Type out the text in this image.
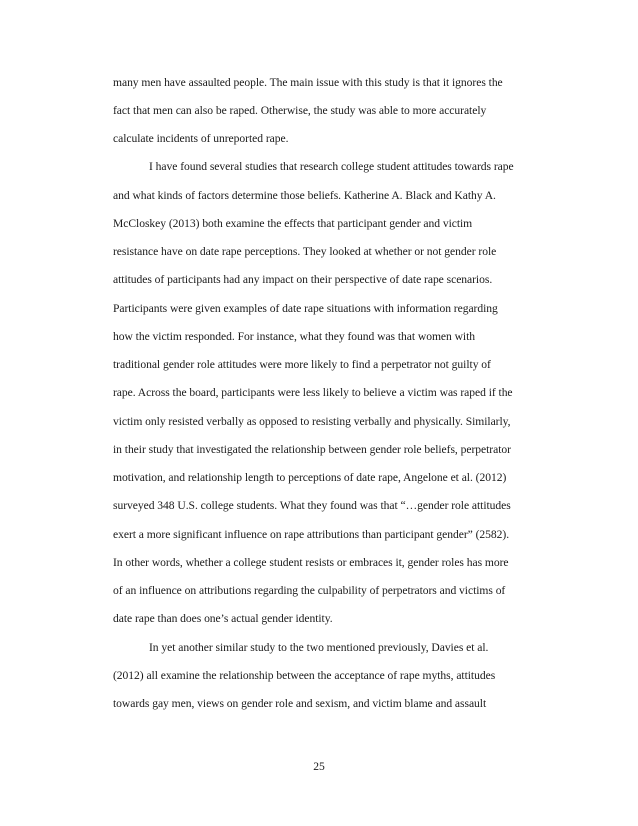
many men have assaulted people. The main issue with this study is that it ignores the
fact that men can also be raped. Otherwise, the study was able to more accurately
calculate incidents of unreported rape.
I have found several studies that research college student attitudes towards rape
and what kinds of factors determine those beliefs. Katherine A. Black and Kathy A.
McCloskey (2013) both examine the effects that participant gender and victim
resistance have on date rape perceptions. They looked at whether or not gender role
attitudes of participants had any impact on their perspective of date rape scenarios.
Participants were given examples of date rape situations with information regarding
how the victim responded. For instance, what they found was that women with
traditional gender role attitudes were more likely to find a perpetrator not guilty of
rape. Across the board, participants were less likely to believe a victim was raped if the
victim only resisted verbally as opposed to resisting verbally and physically. Similarly,
in their study that investigated the relationship between gender role beliefs, perpetrator
motivation, and relationship length to perceptions of date rape, Angelone et al. (2012)
surveyed 348 U.S. college students. What they found was that “…gender role attitudes
exert a more significant influence on rape attributions than participant gender” (2582).
In other words, whether a college student resists or embraces it, gender roles has more
of an influence on attributions regarding the culpability of perpetrators and victims of
date rape than does one’s actual gender identity.
In yet another similar study to the two mentioned previously, Davies et al.
(2012) all examine the relationship between the acceptance of rape myths, attitudes
towards gay men, views on gender role and sexism, and victim blame and assault
25
